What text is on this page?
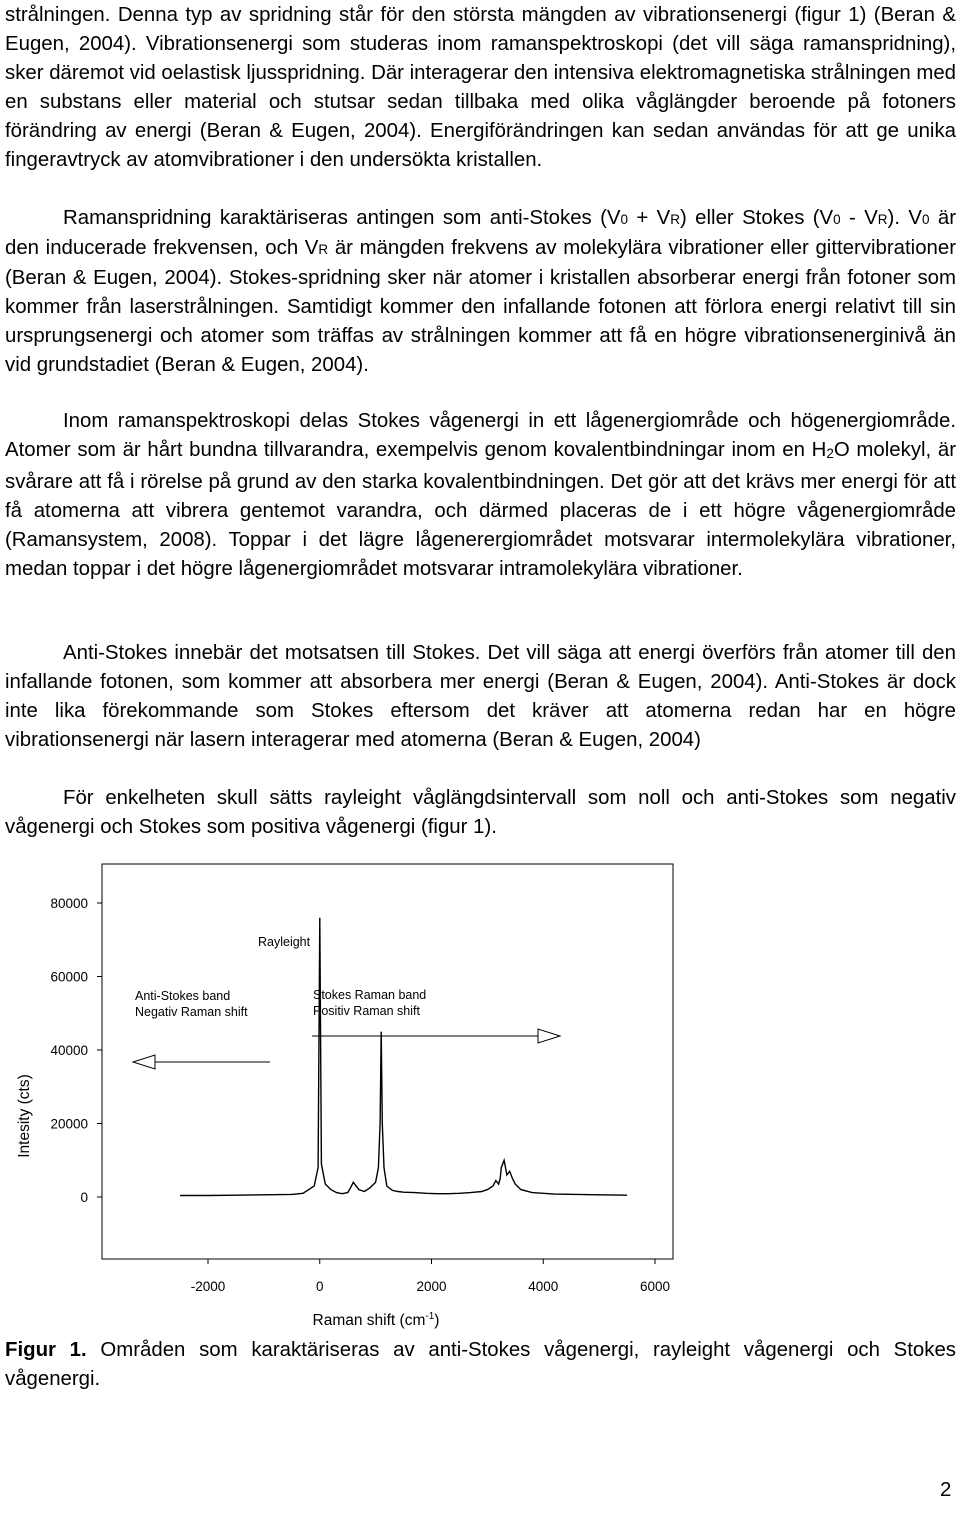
strålningen. Denna typ av spridning står för den största mängden av vibrationsenergi (figur 1) (Beran & Eugen, 2004). Vibrationsenergi som studeras inom ramanspektroskopi (det vill säga ramanspridning), sker däremot vid oelastisk ljusspridning. Där interagerar den intensiva elektromagnetiska strålningen med en substans eller material och stutsar sedan tillbaka med olika våglängder beroende på fotoners förändring av energi (Beran & Eugen, 2004). Energiförändringen kan sedan användas för att ge unika fingeravtryck av atomvibrationer i den undersökta kristallen.

Ramanspridning karaktäriseras antingen som anti-Stokes (V0 + VR) eller Stokes (V0 - VR). V0 är den inducerade frekvensen, och VR är mängden frekvens av molekylära vibrationer eller gittervibrationer (Beran & Eugen, 2004). Stokes-spridning sker när atomer i kristallen absorberar energi från fotoner som kommer från laserstrålningen. Samtidigt kommer den infallande fotonen att förlora energi relativt till sin ursprungsenergi och atomer som träffas av strålningen kommer att få en högre vibrationsenerginivå än vid grundstadiet (Beran & Eugen, 2004).

Inom ramanspektroskopi delas Stokes vågenergi in ett lågenergiområde och högenergiområde. Atomer som är hårt bundna tillvarandra, exempelvis genom kovalentbindningar inom en H2O molekyl, är svårare att få i rörelse på grund av den starka kovalentbindningen. Det gör att det krävs mer energi för att få atomerna att vibrera gentemot varandra, och därmed placeras de i ett högre vågenergiområde (Ramansystem, 2008). Toppar i det lägre lågenerergiområdet motsvarar intermolekylära vibrationer, medan toppar i det högre lågenergiområdet motsvarar intramolekylära vibrationer.

Anti-Stokes innebär det motsatsen till Stokes. Det vill säga att energi överförs från atomer till den infallande fotonen, som kommer att absorbera mer energi (Beran & Eugen, 2004). Anti-Stokes är dock inte lika förekommande som Stokes eftersom det kräver att atomerna redan har en högre vibrationsenergi när lasern interagerar med atomerna (Beran & Eugen, 2004)

För enkelheten skull sätts rayleight våglängdsintervall som noll och anti-Stokes som negativ vågenergi och Stokes som positiva vågenergi (figur 1).

0
20000
40000
60000
80000
-2000	0	2000	4000	6000
Rayleight
Anti-Stokes band
Negativ Raman shift
Stokes Raman band
Positiv Raman shift
Intesity (cts)
Raman shift $(cm^{-1})$
Figur 1. Områden som karaktäriseras av anti-Stokes vågenergi, rayleight vågenergi och Stokes vågenergi.
2
